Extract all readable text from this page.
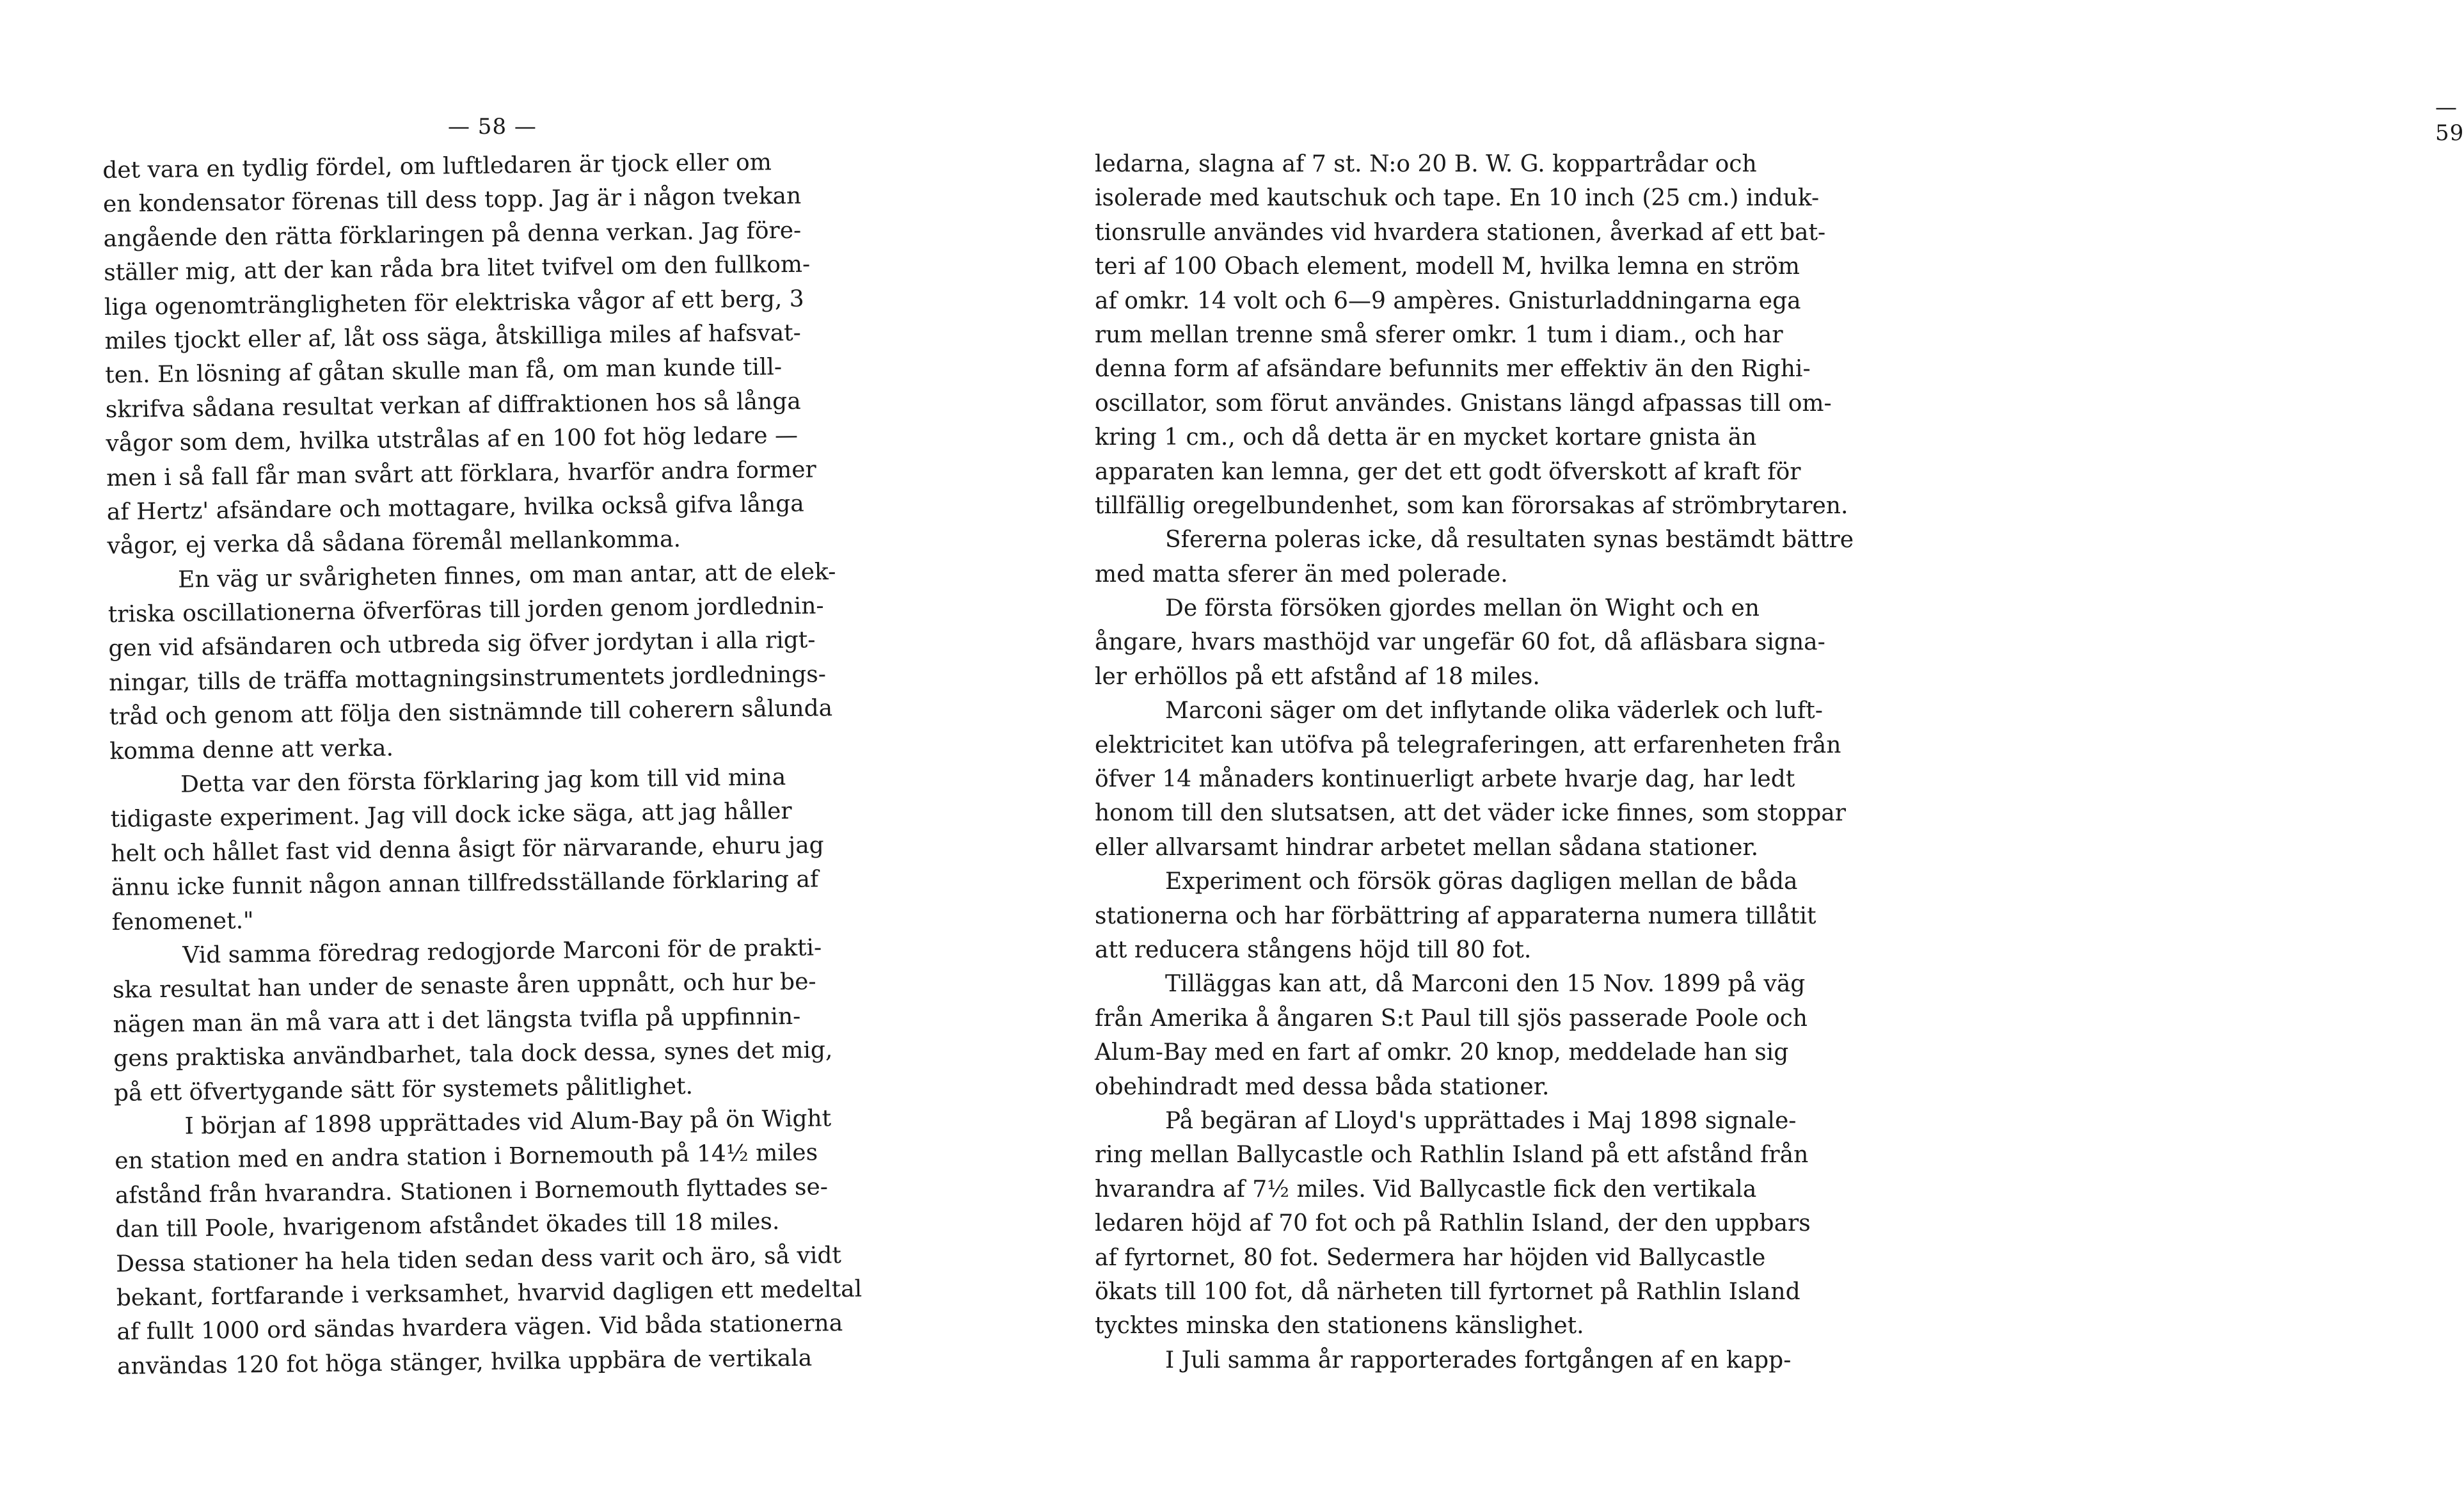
— 58 —
det vara en tydlig fördel, om luftledaren är tjock eller om
en kondensator förenas till dess topp. Jag är i någon tvekan
angående den rätta förklaringen på denna verkan. Jag före-
ställer mig, att der kan råda bra litet tvifvel om den fullkom-
liga ogenomträngligheten för elektriska vågor af ett berg, 3
miles tjockt eller af, låt oss säga, åtskilliga miles af hafsvat-
ten. En lösning af gåtan skulle man få, om man kunde till-
skrifva sådana resultat verkan af diffraktionen hos så långa
vågor som dem, hvilka utstrålas af en 100 fot hög ledare —
men i så fall får man svårt att förklara, hvarför andra former
af Hertz' afsändare och mottagare, hvilka också gifva långa
vågor, ej verka då sådana föremål mellankomma.
En väg ur svårigheten finnes, om man antar, att de elek-
triska oscillationerna öfverföras till jorden genom jordlednin-
gen vid afsändaren och utbreda sig öfver jordytan i alla rigt-
ningar, tills de träffa mottagningsinstrumentets jordlednings-
tråd och genom att följa den sistnämnde till coherern sålunda
komma denne att verka.
Detta var den första förklaring jag kom till vid mina
tidigaste experiment. Jag vill dock icke säga, att jag håller
helt och hållet fast vid denna åsigt för närvarande, ehuru jag
ännu icke funnit någon annan tillfredsställande förklaring af
fenomenet."
Vid samma föredrag redogjorde Marconi för de prakti-
ska resultat han under de senaste åren uppnått, och hur be-
nägen man än må vara att i det längsta tvifla på uppfinnin-
gens praktiska användbarhet, tala dock dessa, synes det mig,
på ett öfvertygande sätt för systemets pålitlighet.
I början af 1898 upprättades vid Alum-Bay på ön Wight
en station med en andra station i Bornemouth på 14½ miles
afstånd från hvarandra. Stationen i Bornemouth flyttades se-
dan till Poole, hvarigenom afståndet ökades till 18 miles.
Dessa stationer ha hela tiden sedan dess varit och äro, så vidt
bekant, fortfarande i verksamhet, hvarvid dagligen ett medeltal
af fullt 1000 ord sändas hvardera vägen. Vid båda stationerna
användas 120 fot höga stänger, hvilka uppbära de vertikala
— 59
ledarna, slagna af 7 st. N:o 20 B. W. G. koppartrådar och
isolerade med kautschuk och tape. En 10 inch (25 cm.) induk-
tionsrulle användes vid hvardera stationen, åverkad af ett bat-
teri af 100 Obach element, modell M, hvilka lemna en ström
af omkr. 14 volt och 6—9 ampères. Gnisturladdningarna ega
rum mellan trenne små sferer omkr. 1 tum i diam., och har
denna form af afsändare befunnits mer effektiv än den Righi-
oscillator, som förut användes. Gnistans längd afpassas till om-
kring 1 cm., och då detta är en mycket kortare gnista än
apparaten kan lemna, ger det ett godt öfverskott af kraft för
tillfällig oregelbundenhet, som kan förorsakas af strömbrytaren.
Sfererna poleras icke, då resultaten synas bestämdt bättre
med matta sferer än med polerade.
De första försöken gjordes mellan ön Wight och en
ångare, hvars masthöjd var ungefär 60 fot, då afläsbara signa-
ler erhöllos på ett afstånd af 18 miles.
Marconi säger om det inflytande olika väderlek och luft-
elektricitet kan utöfva på telegraferingen, att erfarenheten från
öfver 14 månaders kontinuerligt arbete hvarje dag, har ledt
honom till den slutsatsen, att det väder icke finnes, som stoppar
eller allvarsamt hindrar arbetet mellan sådana stationer.
Experiment och försök göras dagligen mellan de båda
stationerna och har förbättring af apparaterna numera tillåtit
att reducera stångens höjd till 80 fot.
Tilläggas kan att, då Marconi den 15 Nov. 1899 på väg
från Amerika å ångaren S:t Paul till sjös passerade Poole och
Alum-Bay med en fart af omkr. 20 knop, meddelade han sig
obehindradt med dessa båda stationer.
På begäran af Lloyd's upprättades i Maj 1898 signale-
ring mellan Ballycastle och Rathlin Island på ett afstånd från
hvarandra af 7½ miles. Vid Ballycastle fick den vertikala
ledaren höjd af 70 fot och på Rathlin Island, der den uppbars
af fyrtornet, 80 fot. Sedermera har höjden vid Ballycastle
ökats till 100 fot, då närheten till fyrtornet på Rathlin Island
tycktes minska den stationens känslighet.
I Juli samma år rapporterades fortgången af en kapp-
